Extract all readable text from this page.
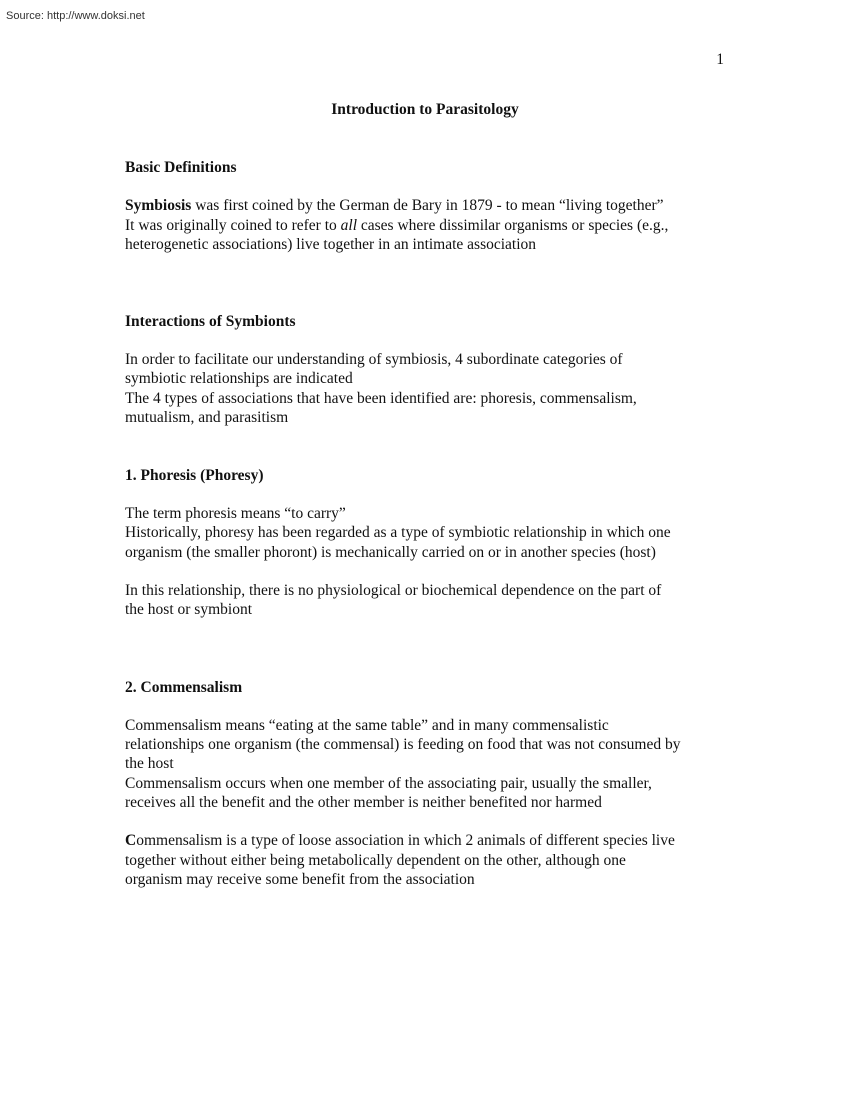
Source: http://www.doksi.net
1
Introduction to Parasitology
Basic Definitions
Symbiosis was first coined by the German de Bary in 1879 - to mean “living together”
It was originally coined to refer to all cases where dissimilar organisms or species (e.g.,
heterogenetic associations) live together in an intimate association
Interactions of Symbionts
In order to facilitate our understanding of symbiosis, 4 subordinate categories of
symbiotic relationships are indicated
The 4 types of associations that have been identified are: phoresis, commensalism,
mutualism, and parasitism
1. Phoresis (Phoresy)
The term phoresis means “to carry”
Historically, phoresy has been regarded as a type of symbiotic relationship in which one
organism (the smaller phoront) is mechanically carried on or in another species (host)
In this relationship, there is no physiological or biochemical dependence on the part of
the host or symbiont
2. Commensalism
Commensalism means “eating at the same table” and in many commensalistic
relationships one organism (the commensal) is feeding on food that was not consumed by
the host
Commensalism occurs when one member of the associating pair, usually the smaller,
receives all the benefit and the other member is neither benefited nor harmed
Commensalism is a type of loose association in which 2 animals of different species live
together without either being metabolically dependent on the other, although one
organism may receive some benefit from the association
